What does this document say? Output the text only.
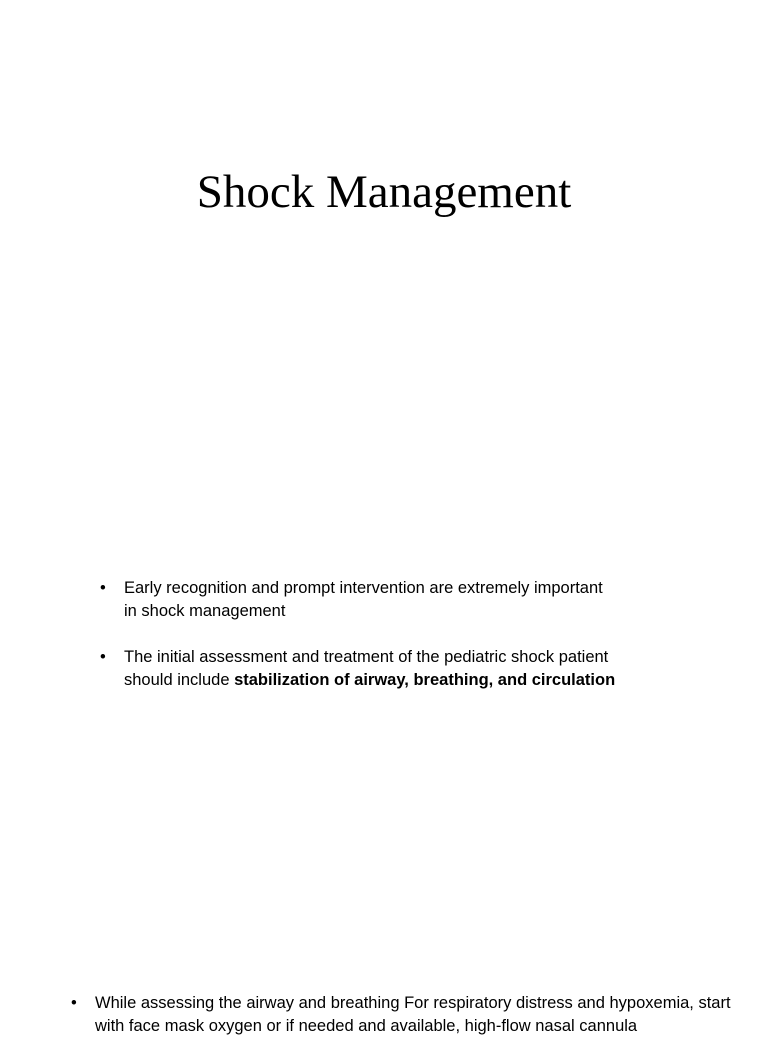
Shock Management
•	Early recognition and prompt intervention are extremely important in shock management
•	The initial assessment and treatment of the pediatric shock patient should include stabilization of airway, breathing, and circulation
•	While assessing the airway and breathing For respiratory distress and hypoxemia, start with face mask oxygen or if needed and available, high-flow nasal cannula
